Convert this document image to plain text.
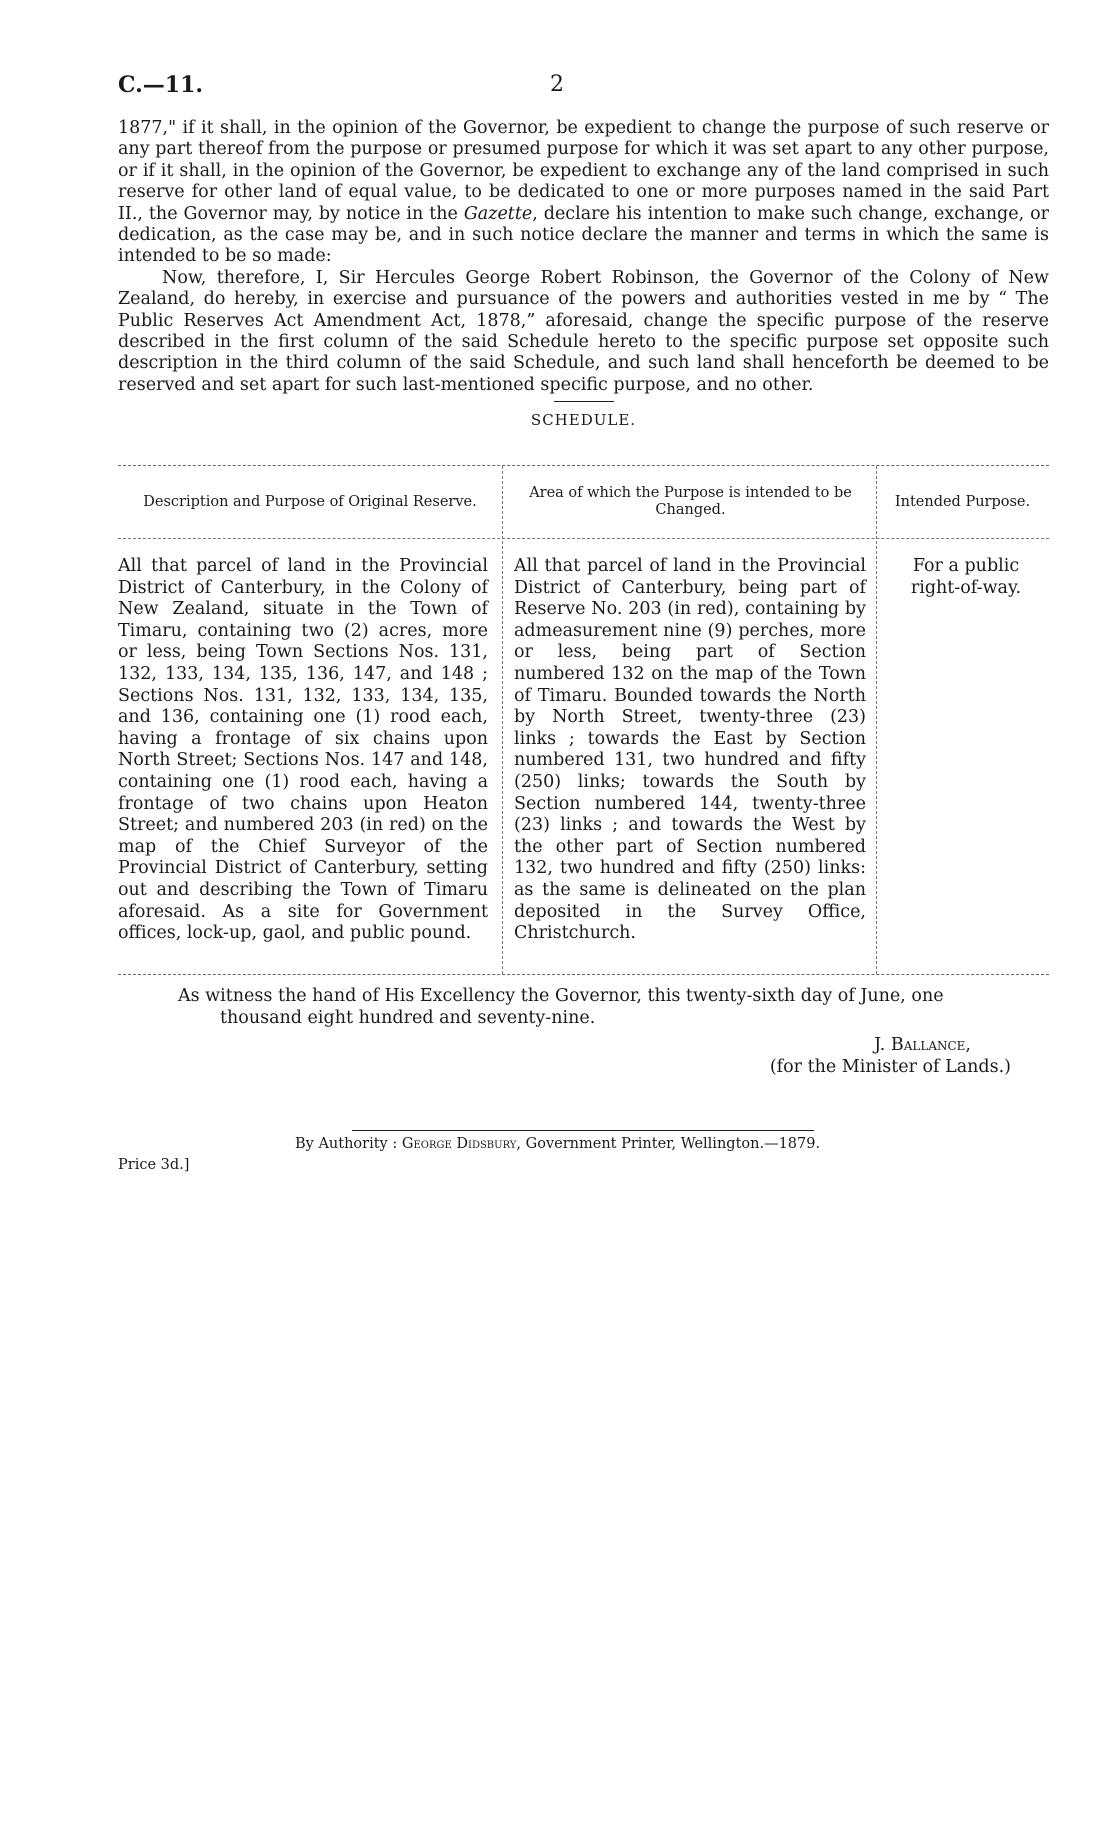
C.—11.	2

1877," if it shall, in the opinion of the Governor, be expedient to change the purpose of such reserve or any part thereof from the purpose or presumed purpose for which it was set apart to any other purpose, or if it shall, in the opinion of the Governor, be expedient to exchange any of the land comprised in such reserve for other land of equal value, to be dedicated to one or more purposes named in the said Part II., the Governor may, by notice in the Gazette, declare his intention to make such change, exchange, or dedication, as the case may be, and in such notice declare the manner and terms in which the same is intended to be so made:

Now, therefore, I, Sir Hercules George Robert Robinson, the Governor of the Colony of New Zealand, do hereby, in exercise and pursuance of the powers and authorities vested in me by “ The Public Reserves Act Amendment Act, 1878,” aforesaid, change the specific purpose of the reserve described in the first column of the said Schedule hereto to the specific purpose set opposite such description in the third column of the said Schedule, and such land shall henceforth be deemed to be reserved and set apart for such last-mentioned specific purpose, and no other.

SCHEDULE.
Description and Purpose of Original Reserve.
Area of which the Purpose is intended to be Changed.
Intended Purpose.
All that parcel of land in the Provincial District of Canterbury, in the Colony of New Zealand, situate in the Town of Timaru, containing two (2) acres, more or less, being Town Sections Nos. 131, 132, 133, 134, 135, 136, 147, and 148 ; Sections Nos. 131, 132, 133, 134, 135, and 136, containing one (1) rood each, having a frontage of six chains upon North Street; Sections Nos. 147 and 148, containing one (1) rood each, having a frontage of two chains upon Heaton Street; and numbered 203 (in red) on the map of the Chief Surveyor of the Provincial District of Canterbury, setting out and describing the Town of Timaru aforesaid. As a site for Government offices, lock-up, gaol, and public pound.
All that parcel of land in the Provincial District of Canterbury, being part of Reserve No. 203 (in red), containing by admeasurement nine (9) perches, more or less, being part of Section numbered 132 on the map of the Town of Timaru. Bounded towards the North by North Street, twenty-three (23) links ; towards the East by Section numbered 131, two hundred and fifty (250) links; towards the South by Section numbered 144, twenty-three (23) links ; and towards the West by the other part of Section numbered 132, two hundred and fifty (250) links: as the same is delineated on the plan deposited in the Survey Office, Christchurch.
For a public right-of-way.

As witness the hand of His Excellency the Governor, this twenty-sixth day of June, one

thousand eight hundred and seventy-nine.

J. Ballance,
(for the Minister of Lands.)
By Authority : George Didsbury, Government Printer, Wellington.—1879.
Price 3d.]
